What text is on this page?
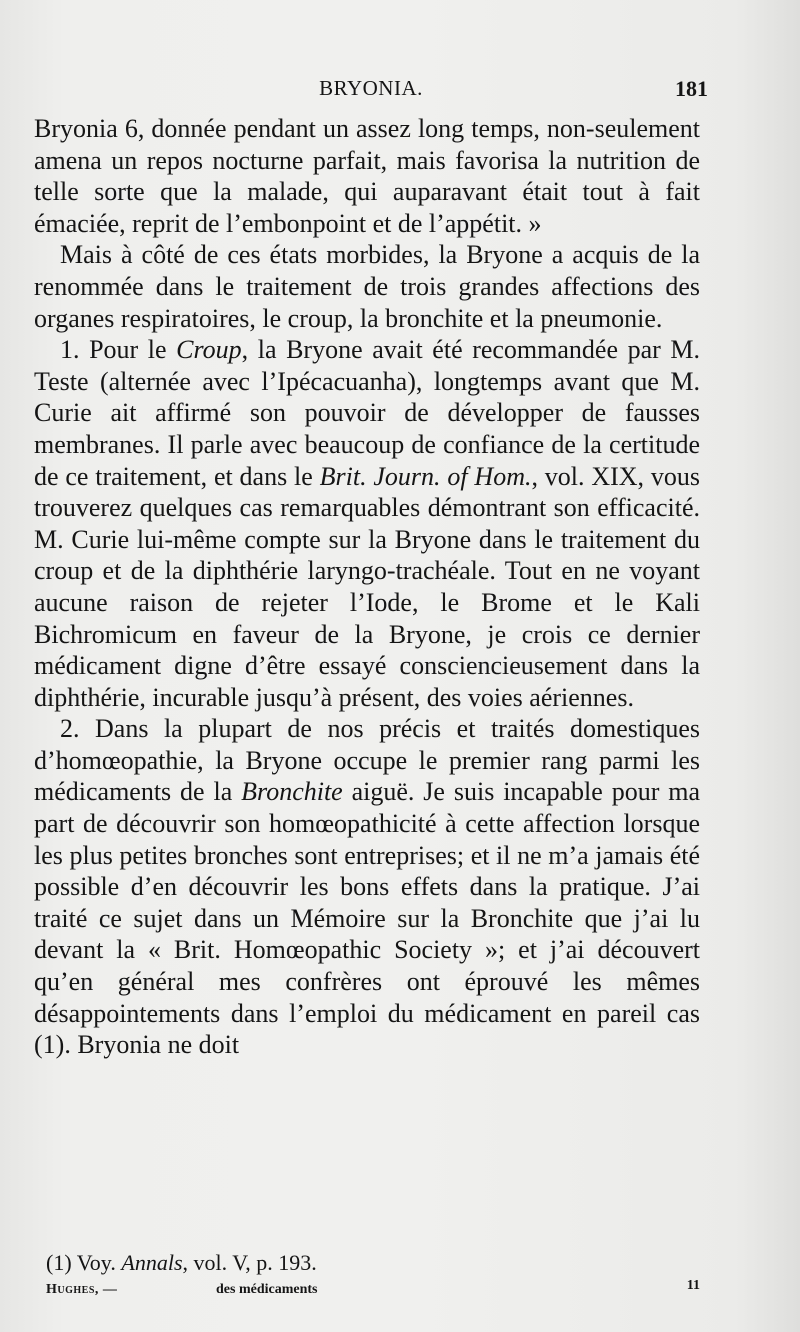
BRYONIA.	181

Bryonia 6, donnée pendant un assez long temps, non-seulement amena un repos nocturne parfait, mais favorisa la nutrition de telle sorte que la malade, qui auparavant était tout à fait émaciée, reprit de l’embonpoint et de l’appétit. »

Mais à côté de ces états morbides, la Bryone a acquis de la renommée dans le traitement de trois grandes affections des organes respiratoires, le croup, la bronchite et la pneumonie.

1. Pour le Croup, la Bryone avait été recommandée par M. Teste (alternée avec l’Ipécacuanha), longtemps avant que M. Curie ait affirmé son pouvoir de développer de fausses membranes. Il parle avec beaucoup de confiance de la certitude de ce traitement, et dans le Brit. Journ. of Hom., vol. XIX, vous trouverez quelques cas remarquables démontrant son efficacité. M. Curie lui-même compte sur la Bryone dans le traitement du croup et de la diphthérie laryngo-trachéale. Tout en ne voyant aucune raison de rejeter l’Iode, le Brome et le Kali Bichromicum en faveur de la Bryone, je crois ce dernier médicament digne d’être essayé consciencieusement dans la diphthérie, incurable jusqu’à présent, des voies aériennes.

2. Dans la plupart de nos précis et traités domestiques d’homœopathie, la Bryone occupe le premier rang parmi les médicaments de la Bronchite aiguë. Je suis incapable pour ma part de découvrir son homœopathicité à cette affection lorsque les plus petites bronches sont entreprises; et il ne m’a jamais été possible d’en découvrir les bons effets dans la pratique. J’ai traité ce sujet dans un Mémoire sur la Bronchite que j’ai lu devant la « Brit. Homœopathic Society »; et j’ai découvert qu’en général mes confrères ont éprouvé les mêmes désappointements dans l’emploi du médicament en pareil cas (1). Bryonia ne doit

(1) Voy. Annals, vol. V, p. 193.
Hughes, —	des médicaments	11
